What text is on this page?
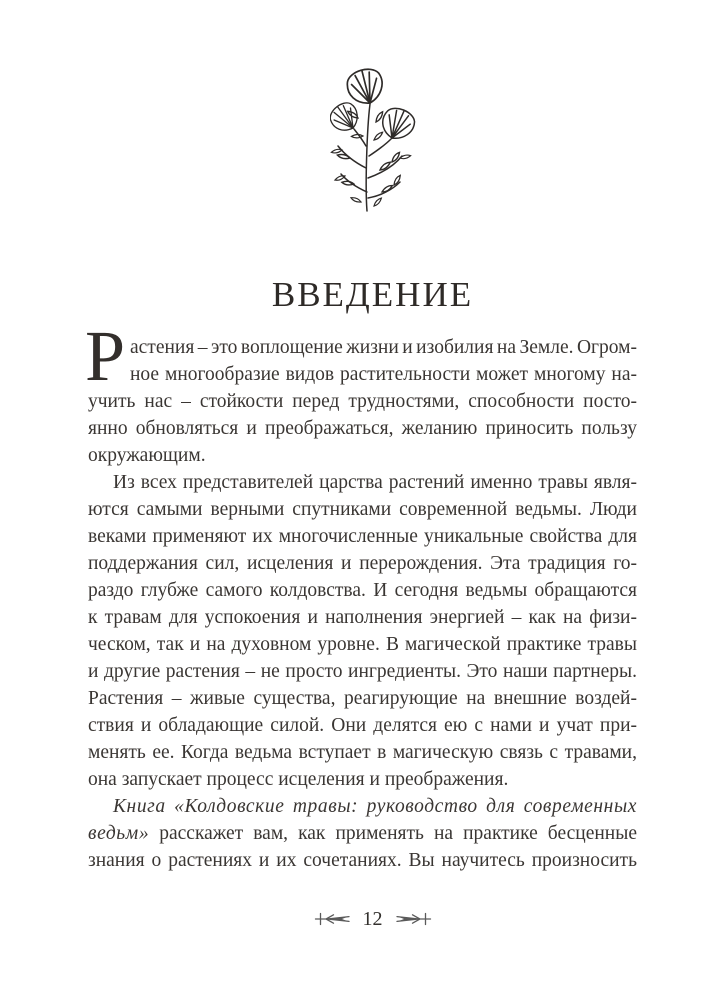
ВВЕДЕНИЕ
Р астения – это воплощение жизни и изобилия на Земле. Огром-
ное многообразие видов растительности может многому на-
учить нас – стойкости перед трудностями, способности посто-
янно обновляться и преображаться, желанию приносить пользу
окружающим.
Из всех представителей царства растений именно травы явля-
ются самыми верными спутниками современной ведьмы. Люди
веками применяют их многочисленные уникальные свойства для
поддержания сил, исцеления и перерождения. Эта традиция го-
раздо глубже самого колдовства. И сегодня ведьмы обращаются
к травам для успокоения и наполнения энергией – как на физи-
ческом, так и на духовном уровне. В магической практике травы
и другие растения – не просто ингредиенты. Это наши партнеры.
Растения – живые существа, реагирующие на внешние воздей-
ствия и обладающие силой. Они делятся ею с нами и учат при-
менять ее. Когда ведьма вступает в магическую связь с травами,
она запускает процесс исцеления и преображения.
Книга «Колдовские травы: руководство для современных
ведьм» расскажет вам, как применять на практике бесценные
знания о растениях и их сочетаниях. Вы научитесь произносить
12
